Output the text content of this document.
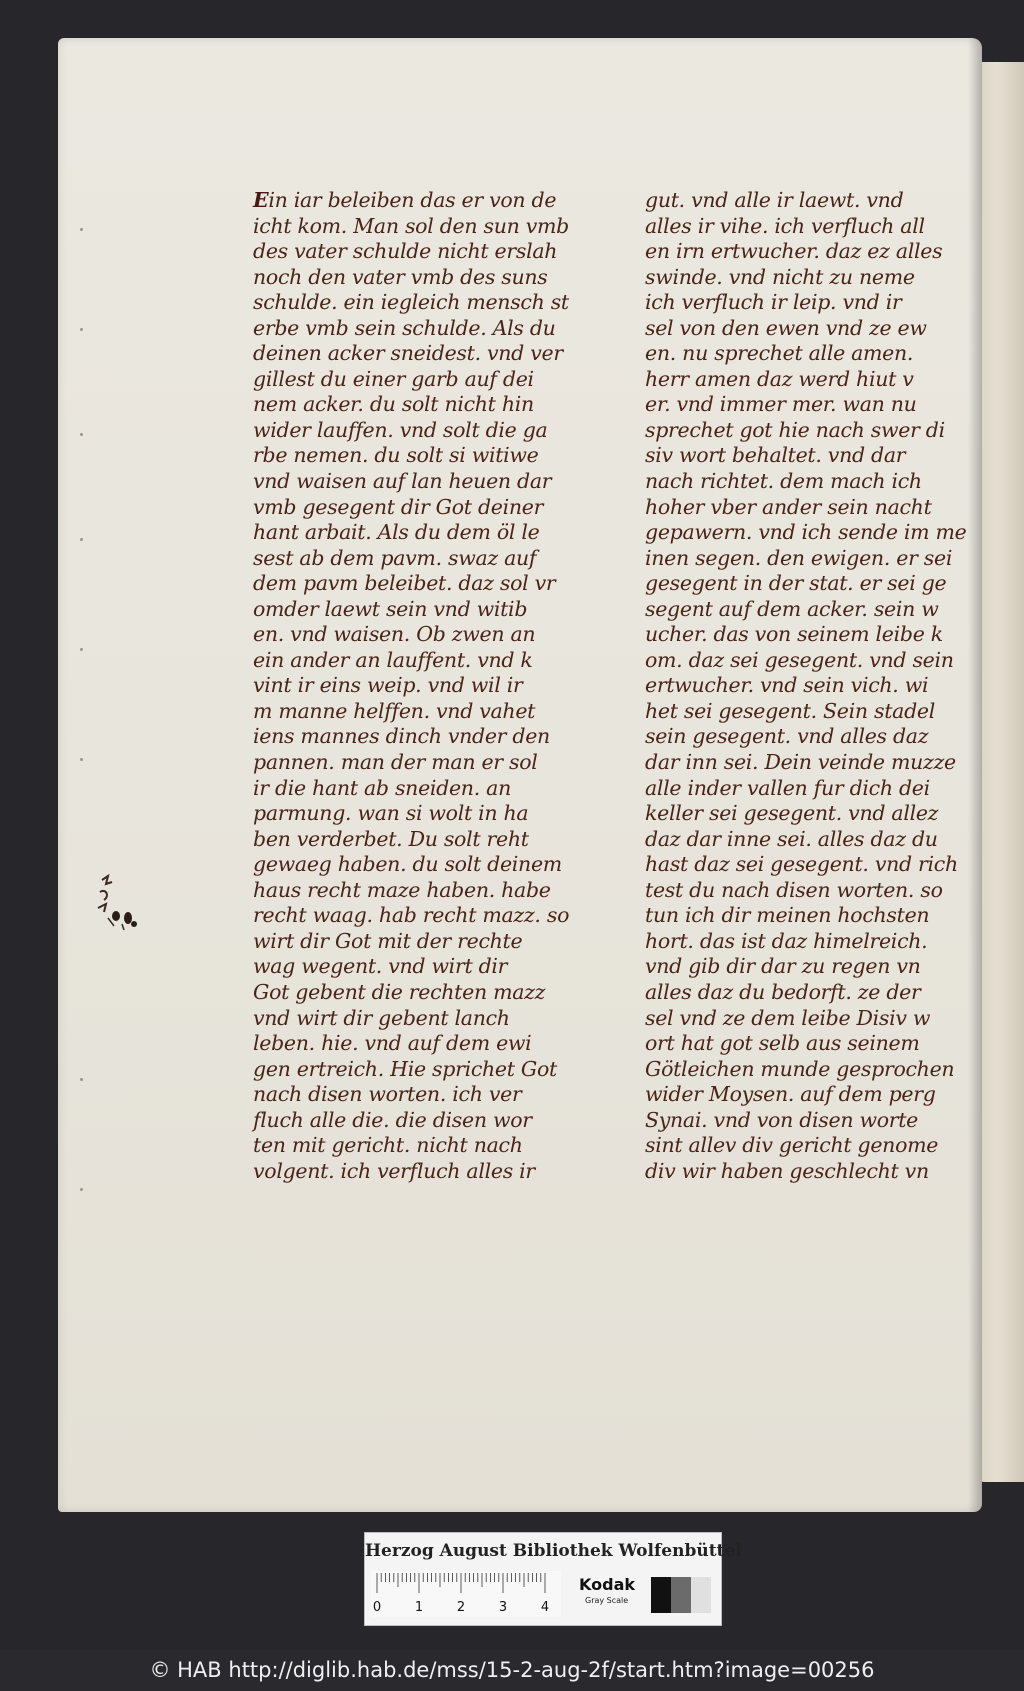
Ein iar beleiben das er von de
icht kom. Man sol den sun vmb
des vater schulde nicht erslah
noch den vater vmb des suns
schulde. ein iegleich mensch st
erbe vmb sein schulde. Als du
deinen acker sneidest. vnd ver
gillest du einer garb auf dei
nem acker. du solt nicht hin
wider lauffen. vnd solt die ga
rbe nemen. du solt si witiwe
vnd waisen auf lan heuen dar
vmb gesegent dir Got deiner
hant arbait. Als du dem öl le
sest ab dem pavm. swaz auf
dem pavm beleibet. daz sol vr
omder laewt sein vnd witib
en. vnd waisen. Ob zwen an
ein ander an lauffent. vnd k
vint ir eins weip. vnd wil ir
m manne helffen. vnd vahet
iens mannes dinch vnder den
pannen. man der man er sol
ir die hant ab sneiden. an
parmung. wan si wolt in ha
ben verderbet. Du solt reht
gewaeg haben. du solt deinem
haus recht maze haben. habe
recht waag. hab recht mazz. so
wirt dir Got mit der rechte
wag wegent. vnd wirt dir
Got gebent die rechten mazz
vnd wirt dir gebent lanch
leben. hie. vnd auf dem ewi
gen ertreich. Hie sprichet Got
nach disen worten. ich ver
fluch alle die. die disen wor
ten mit gericht. nicht nach
volgent. ich verfluch alles ir
gut. vnd alle ir laewt. vnd
alles ir vihe. ich verfluch all
en irn ertwucher. daz ez alles
swinde. vnd nicht zu neme
ich verfluch ir leip. vnd ir
sel von den ewen vnd ze ew
en. nu sprechet alle amen.
herr amen daz werd hiut v
er. vnd immer mer. wan nu
sprechet got hie nach swer di
siv wort behaltet. vnd dar
nach richtet. dem mach ich
hoher vber ander sein nacht
gepawern. vnd ich sende im me
inen segen. den ewigen. er sei
gesegent in der stat. er sei ge
segent auf dem acker. sein w
ucher. das von seinem leibe k
om. daz sei gesegent. vnd sein
ertwucher. vnd sein vich. wi
het sei gesegent. Sein stadel
sein gesegent. vnd alles daz
dar inn sei. Dein veinde muzze
alle inder vallen fur dich dei
keller sei gesegent. vnd allez
daz dar inne sei. alles daz du
hast daz sei gesegent. vnd rich
test du nach disen worten. so
tun ich dir meinen hochsten
hort. das ist daz himelreich.
vnd gib dir dar zu regen vn
alles daz du bedorft. ze der
sel vnd ze dem leibe Disiv w
ort hat got selb aus seinem
Götleichen munde gesprochen
wider Moysen. auf dem perg
Synai. vnd von disen worte
sint allev div gericht genome
div wir haben geschlecht vn
Herzog August Bibliothek Wolfenbüttel
0	1	2	3	4
Kodak
Gray Scale
© HAB http://diglib.hab.de/mss/15-2-aug-2f/start.htm?image=00256
